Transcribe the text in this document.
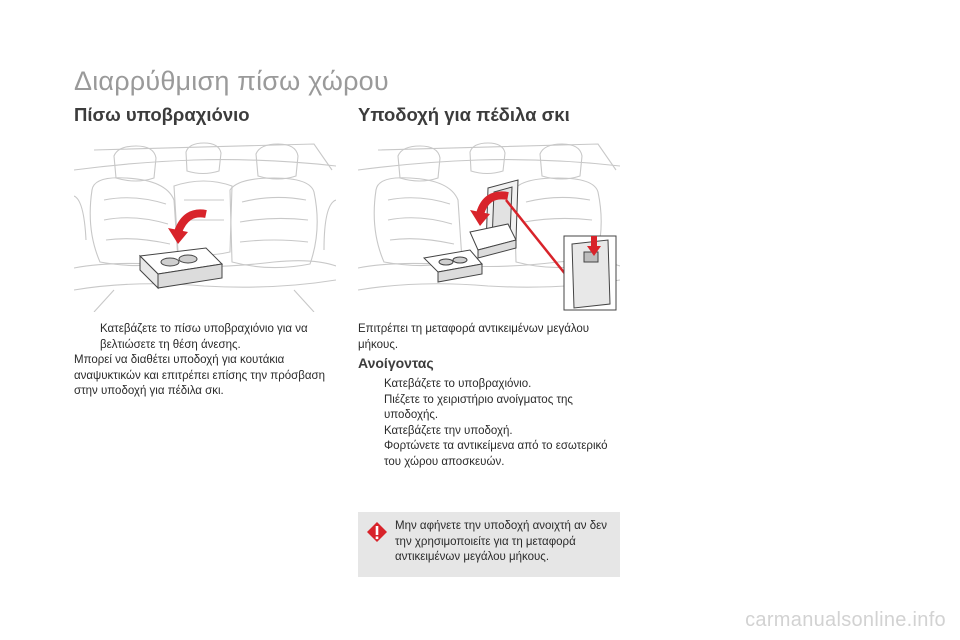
Διαρρύθμιση πίσω χώρου
Πίσω υποβραχιόνιο	Υποδοχή για πέδιλα σκι
Κατεβάζετε το πίσω υποβραχιόνιο για να βελτιώσετε τη θέση άνεσης.
Μπορεί να διαθέτει υποδοχή για κουτάκια αναψυκτικών και επιτρέπει επίσης την πρόσβαση στην υποδοχή για πέδιλα σκι.
Επιτρέπει τη μεταφορά αντικειμένων μεγάλου μήκους.
Ανοίγοντας
Κατεβάζετε το υποβραχιόνιο.
Πιέζετε το χειριστήριο ανοίγματος της υποδοχής.
Κατεβάζετε την υποδοχή.
Φορτώνετε τα αντικείμενα από το εσωτερικό του χώρου αποσκευών.
Μην αφήνετε την υποδοχή ανοιχτή αν δεν την χρησιμοποιείτε για τη μεταφορά αντικειμένων μεγάλου μήκους.
carmanualsonline.info
